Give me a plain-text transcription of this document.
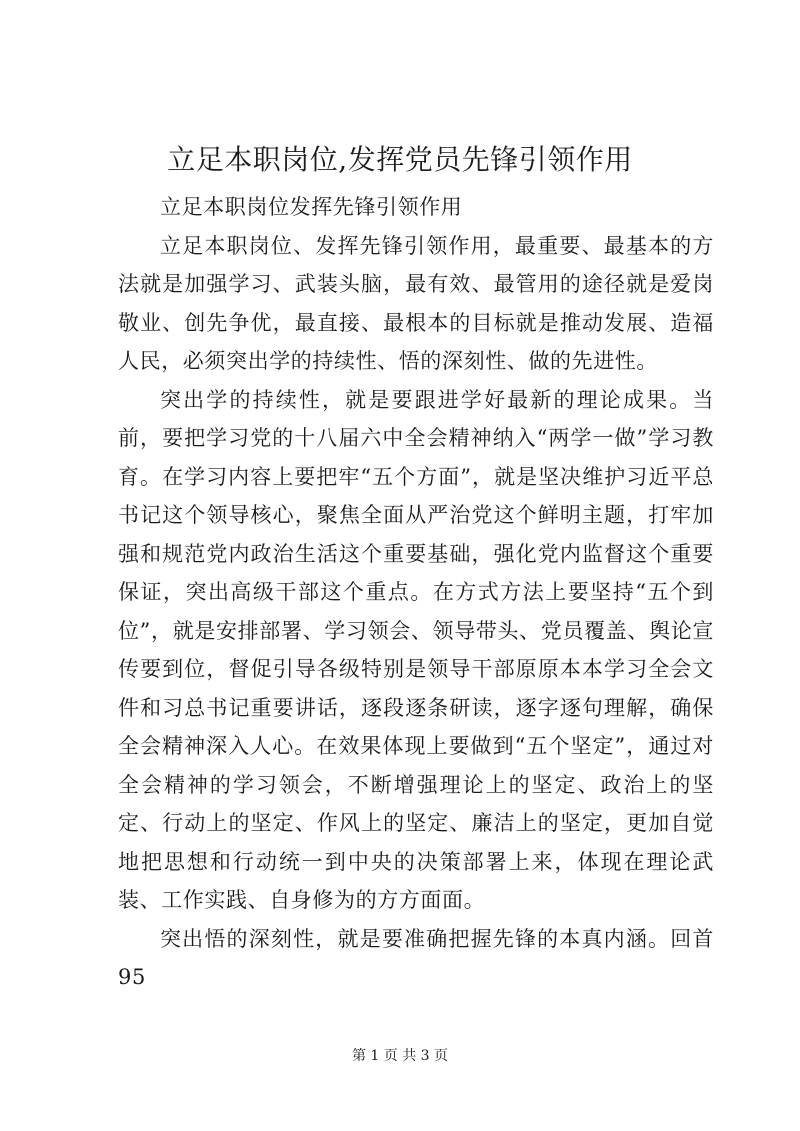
立足本职岗位,发挥党员先锋引领作用

立足本职岗位发挥先锋引领作用

立足本职岗位、发挥先锋引领作用，最重要、最基本的方法就是加强学习、武装头脑，最有效、最管用的途径就是爱岗敬业、创先争优，最直接、最根本的目标就是推动发展、造福人民，必须突出学的持续性、悟的深刻性、做的先进性。

突出学的持续性，就是要跟进学好最新的理论成果。当前，要把学习党的十八届六中全会精神纳入“两学一做”学习教育。在学习内容上要把牢“五个方面”，就是坚决维护习近平总书记这个领导核心，聚焦全面从严治党这个鲜明主题，打牢加强和规范党内政治生活这个重要基础，强化党内监督这个重要保证，突出高级干部这个重点。在方式方法上要坚持“五个到位”，就是安排部署、学习领会、领导带头、党员覆盖、舆论宣传要到位，督促引导各级特别是领导干部原原本本学习全会文件和习总书记重要讲话，逐段逐条研读，逐字逐句理解，确保全会精神深入人心。在效果体现上要做到“五个坚定”，通过对全会精神的学习领会，不断增强理论上的坚定、政治上的坚定、行动上的坚定、作风上的坚定、廉洁上的坚定，更加自觉地把思想和行动统一到中央的决策部署上来，体现在理论武装、工作实践、自身修为的方方面面。

突出悟的深刻性，就是要准确把握先锋的本真内涵。回首95

第 1 页 共 3 页
